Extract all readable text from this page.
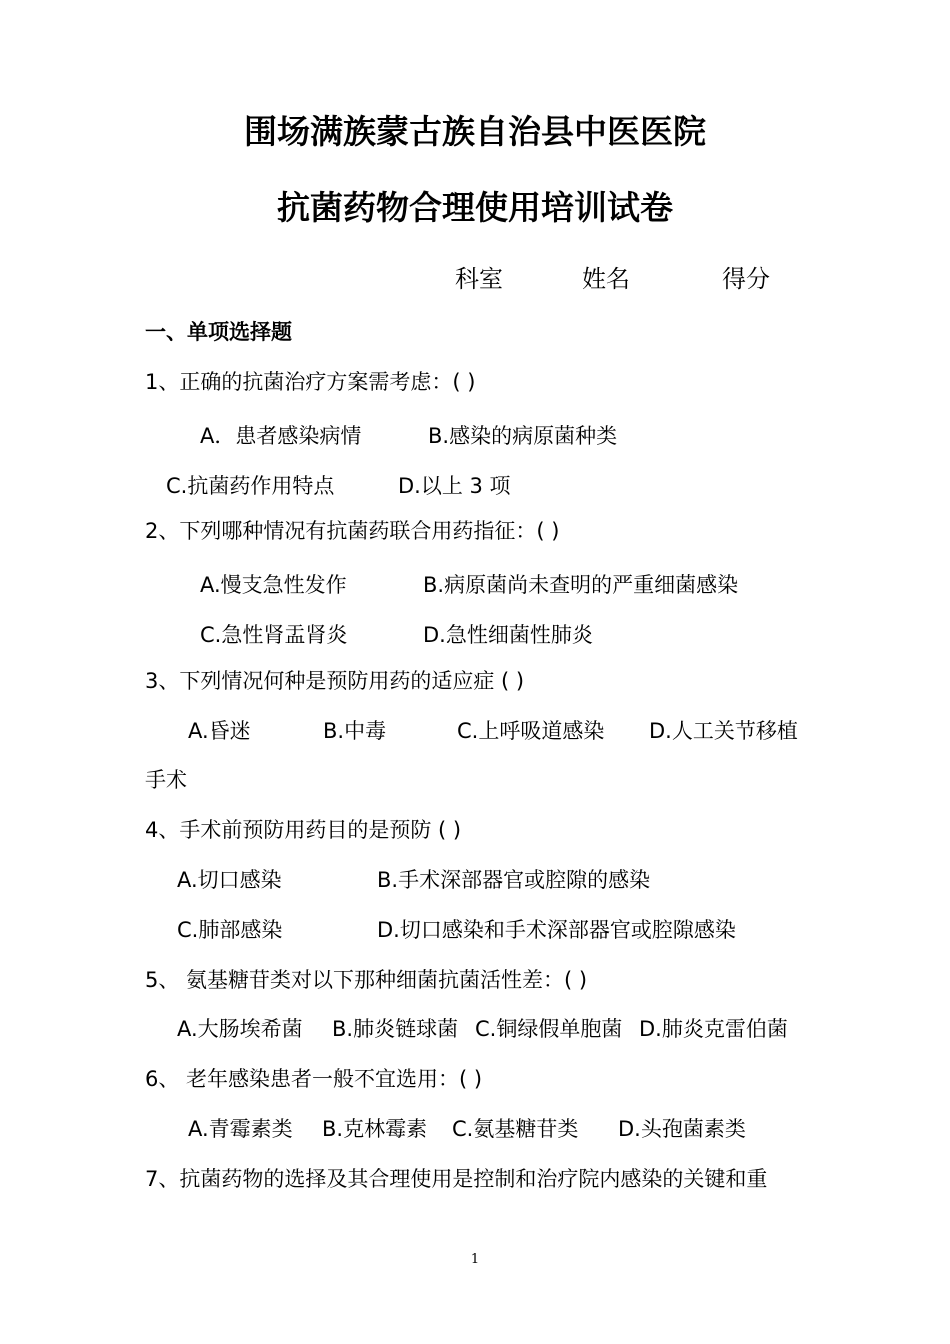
围场满族蒙古族自治县中医医院
抗菌药物合理使用培训试卷
科室	姓名	得分
一、单项选择题
1、正确的抗菌治疗方案需考虑：( )
A．患者感染病情	B.感染的病原菌种类
C.抗菌药作用特点	D.以上 3 项
2、下列哪种情况有抗菌药联合用药指征：( )
A.慢支急性发作	B.病原菌尚未查明的严重细菌感染
C.急性肾盂肾炎	D.急性细菌性肺炎
3、下列情况何种是预防用药的适应症 ( )
A.昏迷	B.中毒	C.上呼吸道感染 D.人工关节移植
手术
4、手术前预防用药目的是预防 ( )
A.切口感染	B.手术深部器官或腔隙的感染
C.肺部感染	D.切口感染和手术深部器官或腔隙感染
5、 氨基糖苷类对以下那种细菌抗菌活性差：( )
A.大肠埃希菌 B.肺炎链球菌 C.铜绿假单胞菌 D.肺炎克雷伯菌
6、 老年感染患者一般不宜选用：( )
A.青霉素类 B.克林霉素 C.氨基糖苷类 D.头孢菌素类
7、抗菌药物的选择及其合理使用是控制和治疗院内感染的关键和重
1
